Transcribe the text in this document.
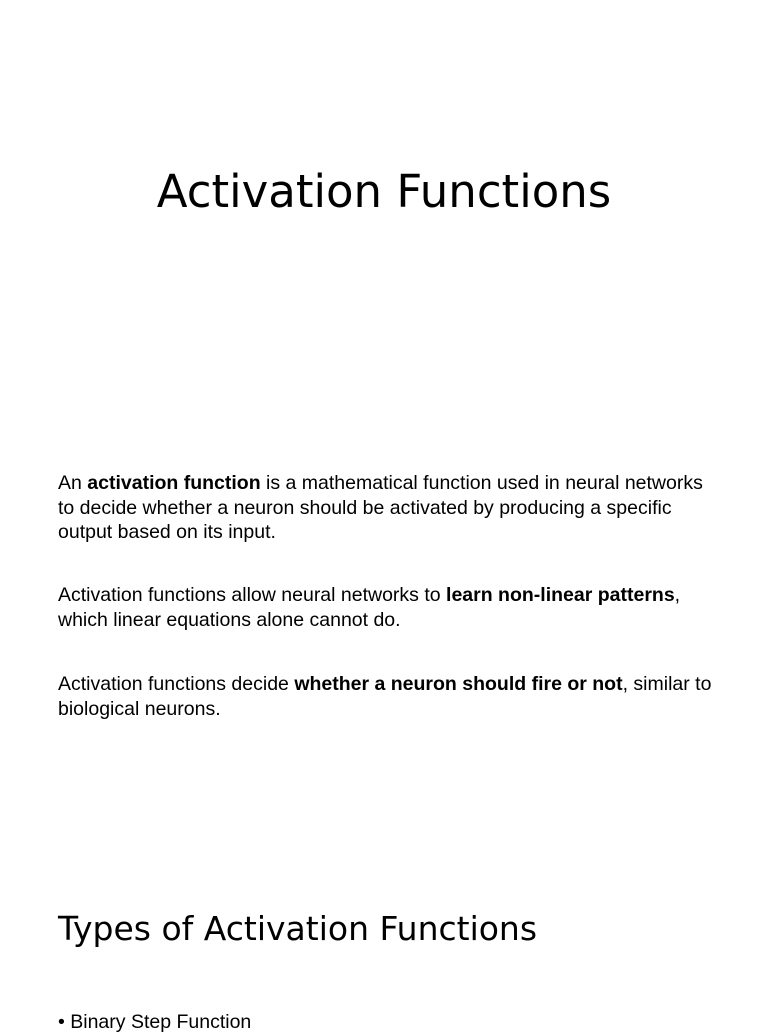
Activation Functions

An activation function is a mathematical function used in neural networks to decide whether a neuron should be activated by producing a specific output based on its input.

Activation functions allow neural networks to learn non-linear patterns, which linear equations alone cannot do.

Activation functions decide whether a neuron should fire or not, similar to biological neurons.

Types of Activation Functions
• Binary Step Function
